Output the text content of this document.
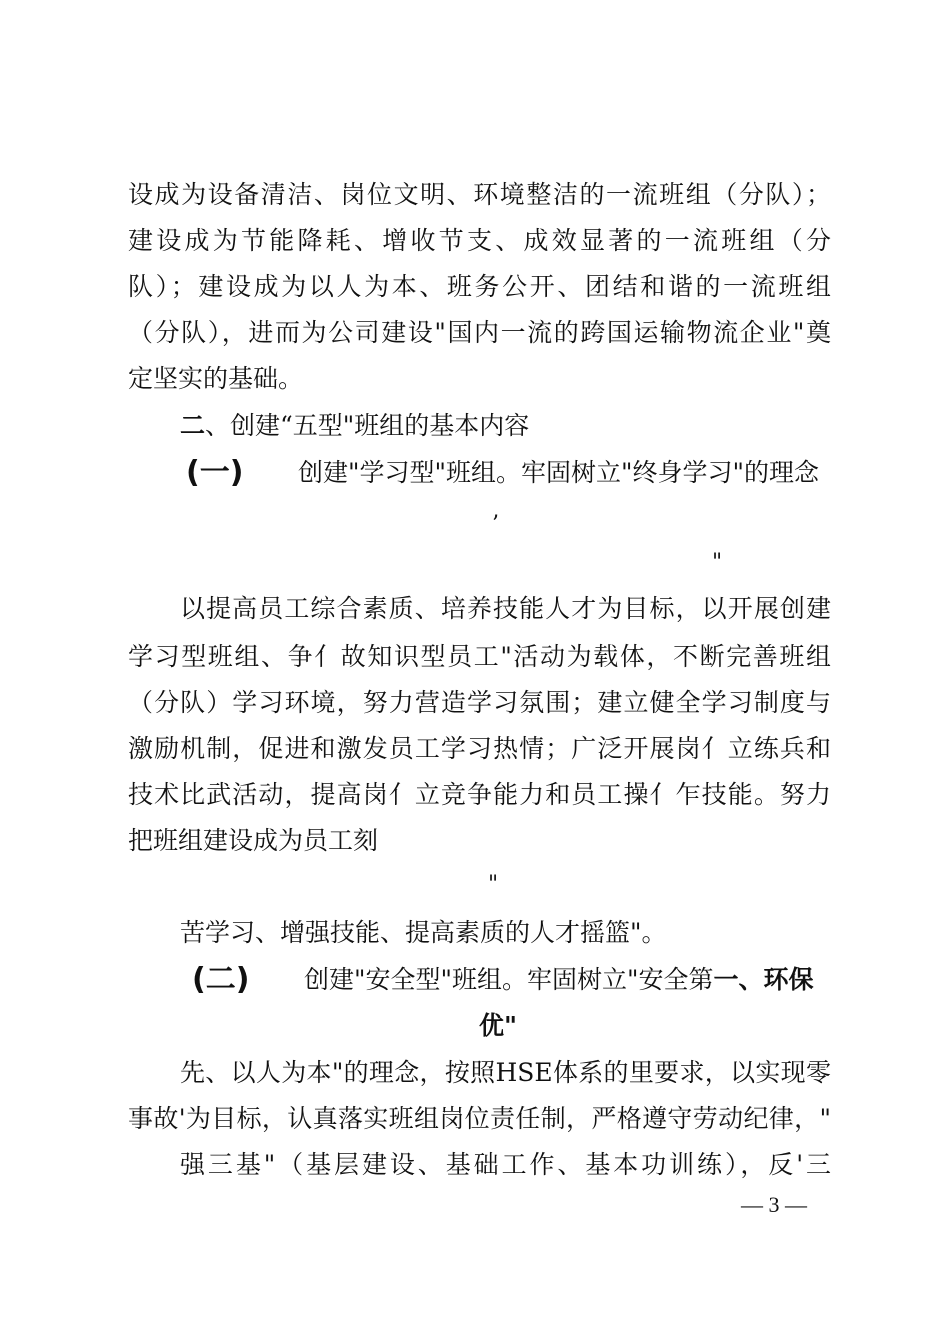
设成为设备清洁、岗位文明、环境整洁的一流班组（分队）；
建设成为节能降耗、增收节支、成效显著的一流班组（分
队）；建设成为以人为本、班务公开、团结和谐的一流班组
（分队），进而为公司建设"国内一流的跨国运输物流企业"奠
定坚实的基础。
二、创建“五型"班组的基本内容
(一) 创建"学习型"班组。牢固树立"终身学习"的理念
’
"
以提高员工综合素质、培养技能人才为目标，以开展创建
学习型班组、争亻故知识型员工"活动为载体，不断完善班组
（分队）学习环境，努力营造学习氛围；建立健全学习制度与
激励机制，促进和激发员工学习热情；广泛开展岗亻立练兵和
技术比武活动，提高岗亻立竞争能力和员工操亻乍技能。努力
把班组建设成为员工刻
"
苦学习、增强技能、提高素质的人才摇篮"。
(二) 创建"安全型"班组。牢固树立"安全第一、环保
优"
先、以人为本"的理念，按照HSE体系的里要求，以实现零
事故'为目标，认真落实班组岗位责任制，严格遵守劳动纪律，"
强三基"（基层建设、基础工作、基本功训练），反'三
— 3 —
